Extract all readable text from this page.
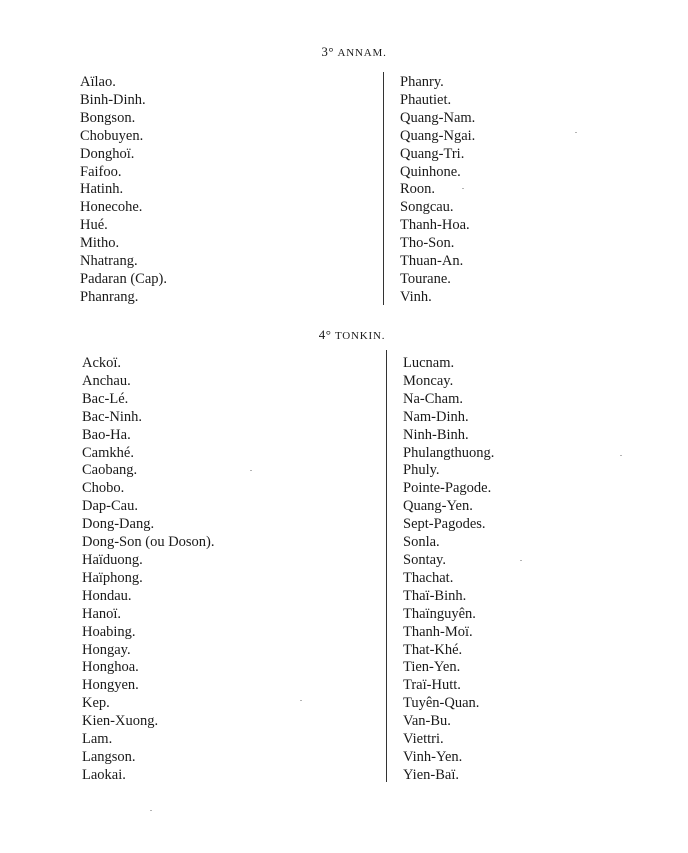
3° ANNAM.
Aïlao.
Binh-Dinh.
Bongson.
Chobuyen.
Donghoï.
Faifoo.
Hatinh.
Honecohe.
Hué.
Mitho.
Nhatrang.
Padaran (Cap).
Phanrang.
Phanry.
Phautiet.
Quang-Nam.
Quang-Ngai.
Quang-Tri.
Quinhone.
Roon.
Songcau.
Thanh-Hoa.
Tho-Son.
Thuan-An.
Tourane.
Vinh.
4° TONKIN.
Ackoï.
Anchau.
Bac-Lé.
Bac-Ninh.
Bao-Ha.
Camkhé.
Caobang.
Chobo.
Dap-Cau.
Dong-Dang.
Dong-Son (ou Doson).
Haïduong.
Haïphong.
Hondau.
Hanoï.
Hoabing.
Hongay.
Honghoa.
Hongyen.
Kep.
Kien-Xuong.
Lam.
Langson.
Laokai.
Lucnam.
Moncay.
Na-Cham.
Nam-Dinh.
Ninh-Binh.
Phulangthuong.
Phuly.
Pointe-Pagode.
Quang-Yen.
Sept-Pagodes.
Sonla.
Sontay.
Thachat.
Thaï-Binh.
Thaïnguyên.
Thanh-Moï.
That-Khé.
Tien-Yen.
Traï-Hutt.
Tuyên-Quan.
Van-Bu.
Viettri.
Vinh-Yen.
Yien-Baï.
